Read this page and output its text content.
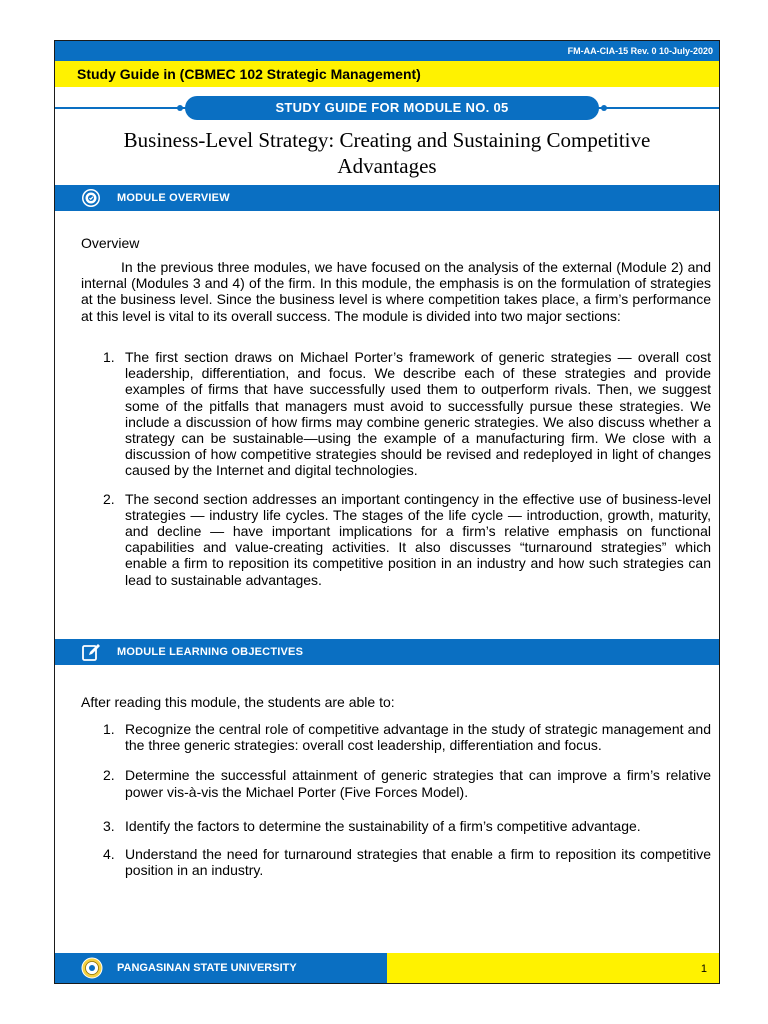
FM-AA-CIA-15 Rev. 0 10-July-2020
Study Guide in (CBMEC 102 Strategic Management)
STUDY GUIDE FOR MODULE NO. 05
Business-Level Strategy: Creating and Sustaining Competitive Advantages
MODULE OVERVIEW
Overview
In the previous three modules, we have focused on the analysis of the external (Module 2) and internal (Modules 3 and 4) of the firm. In this module, the emphasis is on the formulation of strategies at the business level. Since the business level is where competition takes place, a firm’s performance at this level is vital to its overall success. The module is divided into two major sections:
1. The first section draws on Michael Porter’s framework of generic strategies — overall cost leadership, differentiation, and focus. We describe each of these strategies and provide examples of firms that have successfully used them to outperform rivals. Then, we suggest some of the pitfalls that managers must avoid to successfully pursue these strategies. We include a discussion of how firms may combine generic strategies. We also discuss whether a strategy can be sustainable—using the example of a manufacturing firm. We close with a discussion of how competitive strategies should be revised and redeployed in light of changes caused by the Internet and digital technologies.
2. The second section addresses an important contingency in the effective use of business-level strategies — industry life cycles. The stages of the life cycle — introduction, growth, maturity, and decline — have important implications for a firm’s relative emphasis on functional capabilities and value-creating activities. It also discusses “turnaround strategies” which enable a firm to reposition its competitive position in an industry and how such strategies can lead to sustainable advantages.
MODULE LEARNING OBJECTIVES
After reading this module, the students are able to:
1. Recognize the central role of competitive advantage in the study of strategic management and the three generic strategies: overall cost leadership, differentiation and focus.
2. Determine the successful attainment of generic strategies that can improve a firm’s relative power vis-à-vis the Michael Porter (Five Forces Model).
3. Identify the factors to determine the sustainability of a firm’s competitive advantage.
4. Understand the need for turnaround strategies that enable a firm to reposition its competitive position in an industry.
PANGASINAN STATE UNIVERSITY	1
